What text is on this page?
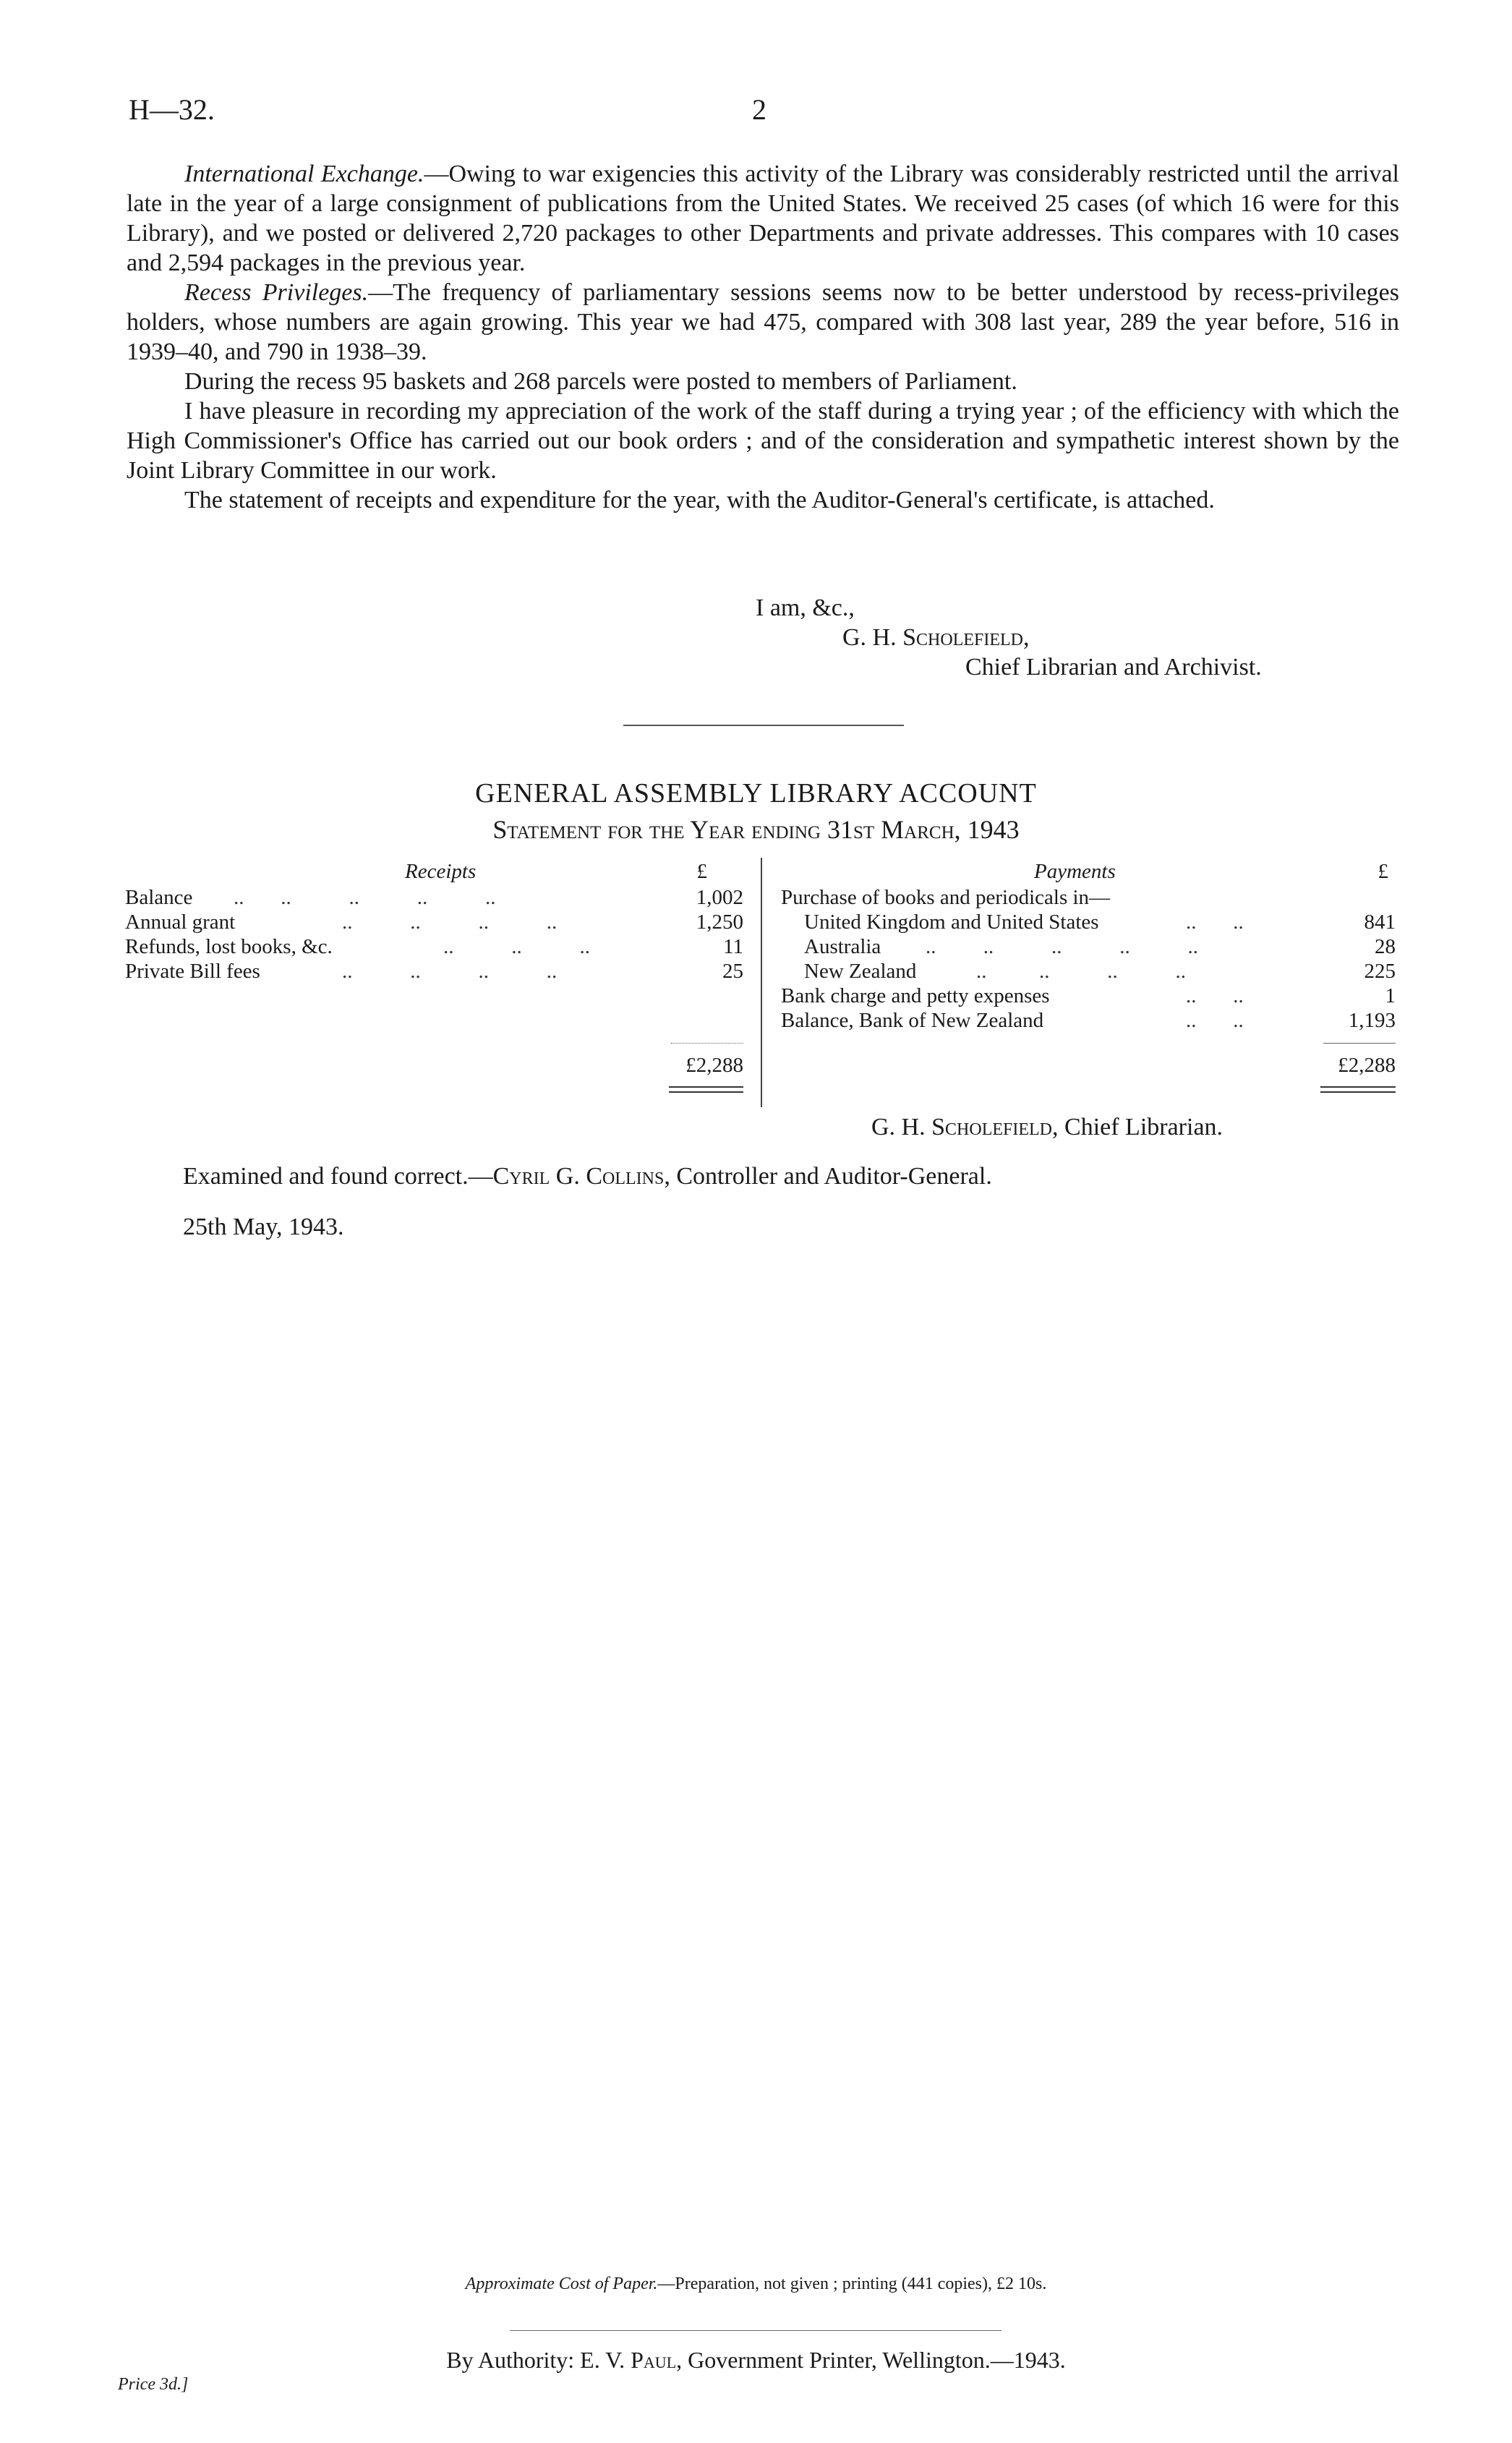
H—32.	2

International Exchange.—Owing to war exigencies this activity of the Library was considerably restricted until the arrival late in the year of a large consignment of publications from the United States. We received 25 cases (of which 16 were for this Library), and we posted or delivered 2,720 packages to other Departments and private addresses. This compares with 10 cases and 2,594 packages in the previous year.

Recess Privileges.—The frequency of parliamentary sessions seems now to be better understood by recess-privileges holders, whose numbers are again growing. This year we had 475, compared with 308 last year, 289 the year before, 516 in 1939–40, and 790 in 1938–39.

During the recess 95 baskets and 268 parcels were posted to members of Parliament.

I have pleasure in recording my appreciation of the work of the staff during a trying year ; of the efficiency with which the High Commissioner's Office has carried out our book orders ; and of the consideration and sympathetic interest shown by the Joint Library Committee in our work.

The statement of receipts and expenditure for the year, with the Auditor-General's certificate, is attached.

I am, &c.,
G. H. Scholefield,
Chief Librarian and Archivist.
GENERAL ASSEMBLY LIBRARY ACCOUNT
Statement for the Year ending 31st March, 1943
Receipts	£	Payments	£
Balance ..       ..           ..           ..           ..	1,002
Annual grant	..           ..           ..           ..	1,250
Refunds, lost books, &c.	..           ..           ..	11
Private Bill fees	..           ..           ..           ..	25
Purchase of books and periodicals in—
United Kingdom and United States	..       ..	841
Australia ..         ..           ..           ..           ..	28
New Zealand	..          ..           ..           ..	225
Bank charge and petty expenses	..       ..	1
Balance, Bank of New Zealand	..       ..	1,193
£2,288	£2,288
G. H. Scholefield, Chief Librarian.
Examined and found correct.—Cyril G. Collins, Controller and Auditor-General.
25th May, 1943.
Approximate Cost of Paper.—Preparation, not given ; printing (441 copies), £2 10s.
By Authority: E. V. Paul, Government Printer, Wellington.—1943.
Price 3d.]
